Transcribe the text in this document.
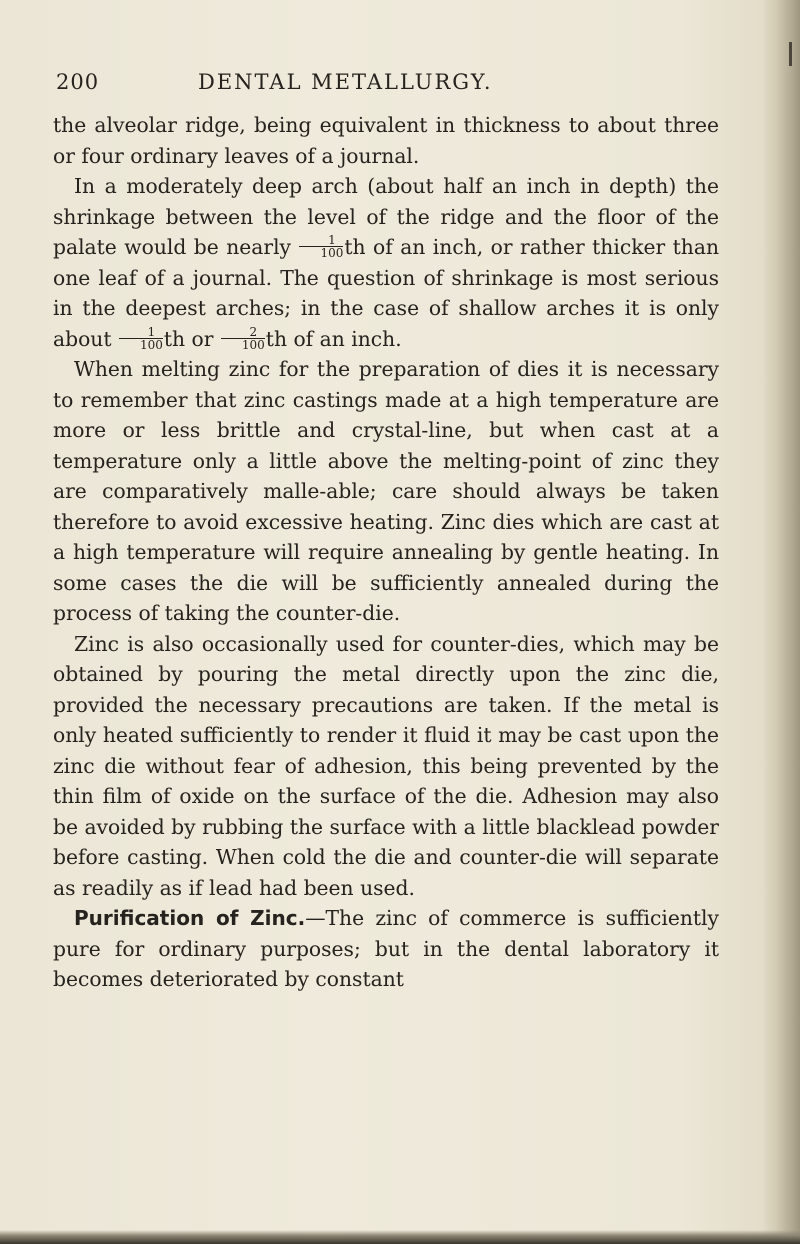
200	DENTAL METALLURGY.

the alveolar ridge, being equivalent in thickness to about three or four ordinary leaves of a journal.

In a moderately deep arch (about half an inch in depth) the shrinkage between the level of the ridge and the floor of the palate would be nearly $\frac{1}{100}$ th of an inch, or rather thicker than one leaf of a journal. The question of shrinkage is most serious in the deepest arches; in the case of shallow arches it is only about $\frac{1}{100}$ th or $\frac{2}{100}$ th of an inch.

When melting zinc for the preparation of dies it is necessary to remember that zinc castings made at a high temperature are more or less brittle and crystal-line, but when cast at a temperature only a little above the melting-point of zinc they are comparatively malle-able; care should always be taken therefore to avoid excessive heating. Zinc dies which are cast at a high temperature will require annealing by gentle heating. In some cases the die will be sufficiently annealed during the process of taking the counter-die.

Zinc is also occasionally used for counter-dies, which may be obtained by pouring the metal directly upon the zinc die, provided the necessary precautions are taken. If the metal is only heated sufficiently to render it fluid it may be cast upon the zinc die without fear of adhesion, this being prevented by the thin film of oxide on the surface of the die. Adhesion may also be avoided by rubbing the surface with a little blacklead powder before casting. When cold the die and counter-die will separate as readily as if lead had been used.

Purification of Zinc.—The zinc of commerce is sufficiently pure for ordinary purposes; but in the dental laboratory it becomes deteriorated by constant
